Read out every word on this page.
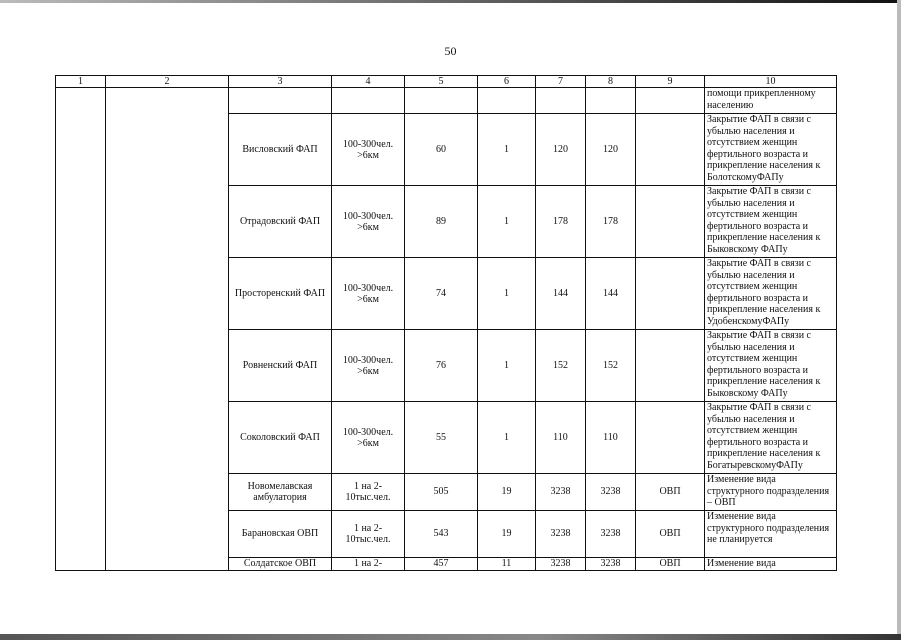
50
1	2	3	4	5	6	7	8	9	10
									помощи прикрепленному населению
		Висловский ФАП	100-300чел. >6км	60	1	120	120		Закрытие ФАП в связи с убылью населения и отсутствием женщин фертильного возраста и прикрепление населения к БолотскомуФАПу
		Отрадовский ФАП	100-300чел. >6км	89	1	178	178		Закрытие ФАП в связи с убылью населения и отсутствием женщин фертильного возраста и прикрепление населения к Быковскому ФАПу
		Просторенский ФАП	100-300чел. >6км	74	1	144	144		Закрытие ФАП в связи с убылью населения и отсутствием женщин фертильного возраста и прикрепление населения к УдобенскомуФАПу
		Ровненский ФАП	100-300чел. >6км	76	1	152	152		Закрытие ФАП в связи с убылью населения и отсутствием женщин фертильного возраста и прикрепление населения к Быковскому ФАПу
		Соколовский ФАП	100-300чел. >6км	55	1	110	110		Закрытие ФАП в связи с убылью населения и отсутствием женщин фертильного возраста и прикрепление населения к БогатыревскомуФАПу
		Новомелавская амбулатория	1 на 2-10тыс.чел.	505	19	3238	3238	ОВП	Изменение вида структурного подразделения – ОВП
		Барановская ОВП	1 на 2-10тыс.чел.	543	19	3238	3238	ОВП	Изменение вида структурного подразделения не планируется
		Солдатское ОВП	1 на 2-	457	11	3238	3238	ОВП	Изменение вида
